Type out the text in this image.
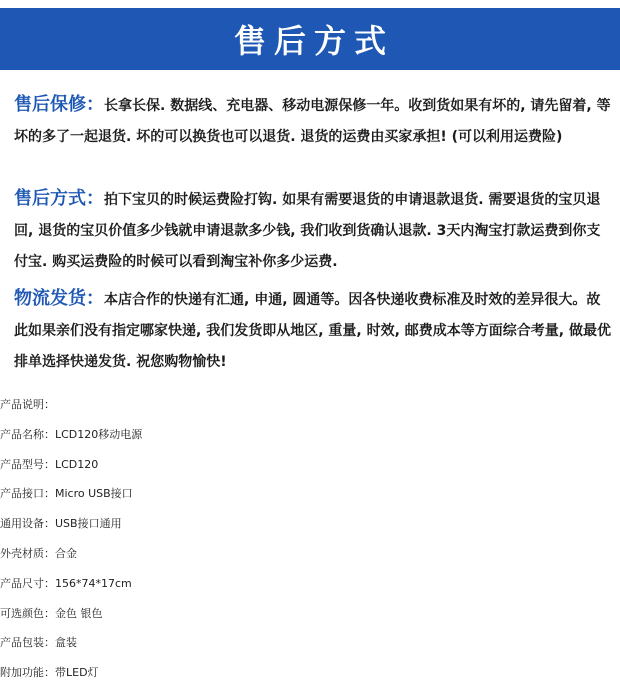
售后方式

售后保修：长拿长保. 数据线、充电器、移动电源保修一年。收到货如果有坏的, 请先留着, 等坏的多了一起退货. 坏的可以换货也可以退货. 退货的运费由买家承担! (可以利用运费险)

售后方式：拍下宝贝的时候运费险打钩. 如果有需要退货的申请退款退货. 需要退货的宝贝退回, 退货的宝贝价值多少钱就申请退款多少钱, 我们收到货确认退款. 3天内淘宝打款运费到你支付宝. 购买运费险的时候可以看到淘宝补你多少运费.

物流发货：本店合作的快递有汇通, 申通, 圆通等。因各快递收费标准及时效的差异很大。故此如果亲们没有指定哪家快递, 我们发货即从地区, 重量, 时效, 邮费成本等方面综合考量, 做最优排单选择快递发货. 祝您购物愉快!

产品说明：
产品名称：LCD120移动电源
产品型号：LCD120
产品接口：Micro USB接口
通用设备：USB接口通用
外壳材质：合金
产品尺寸：156*74*17cm
可选颜色：金色 银色
产品包装：盒装
附加功能：带LED灯
